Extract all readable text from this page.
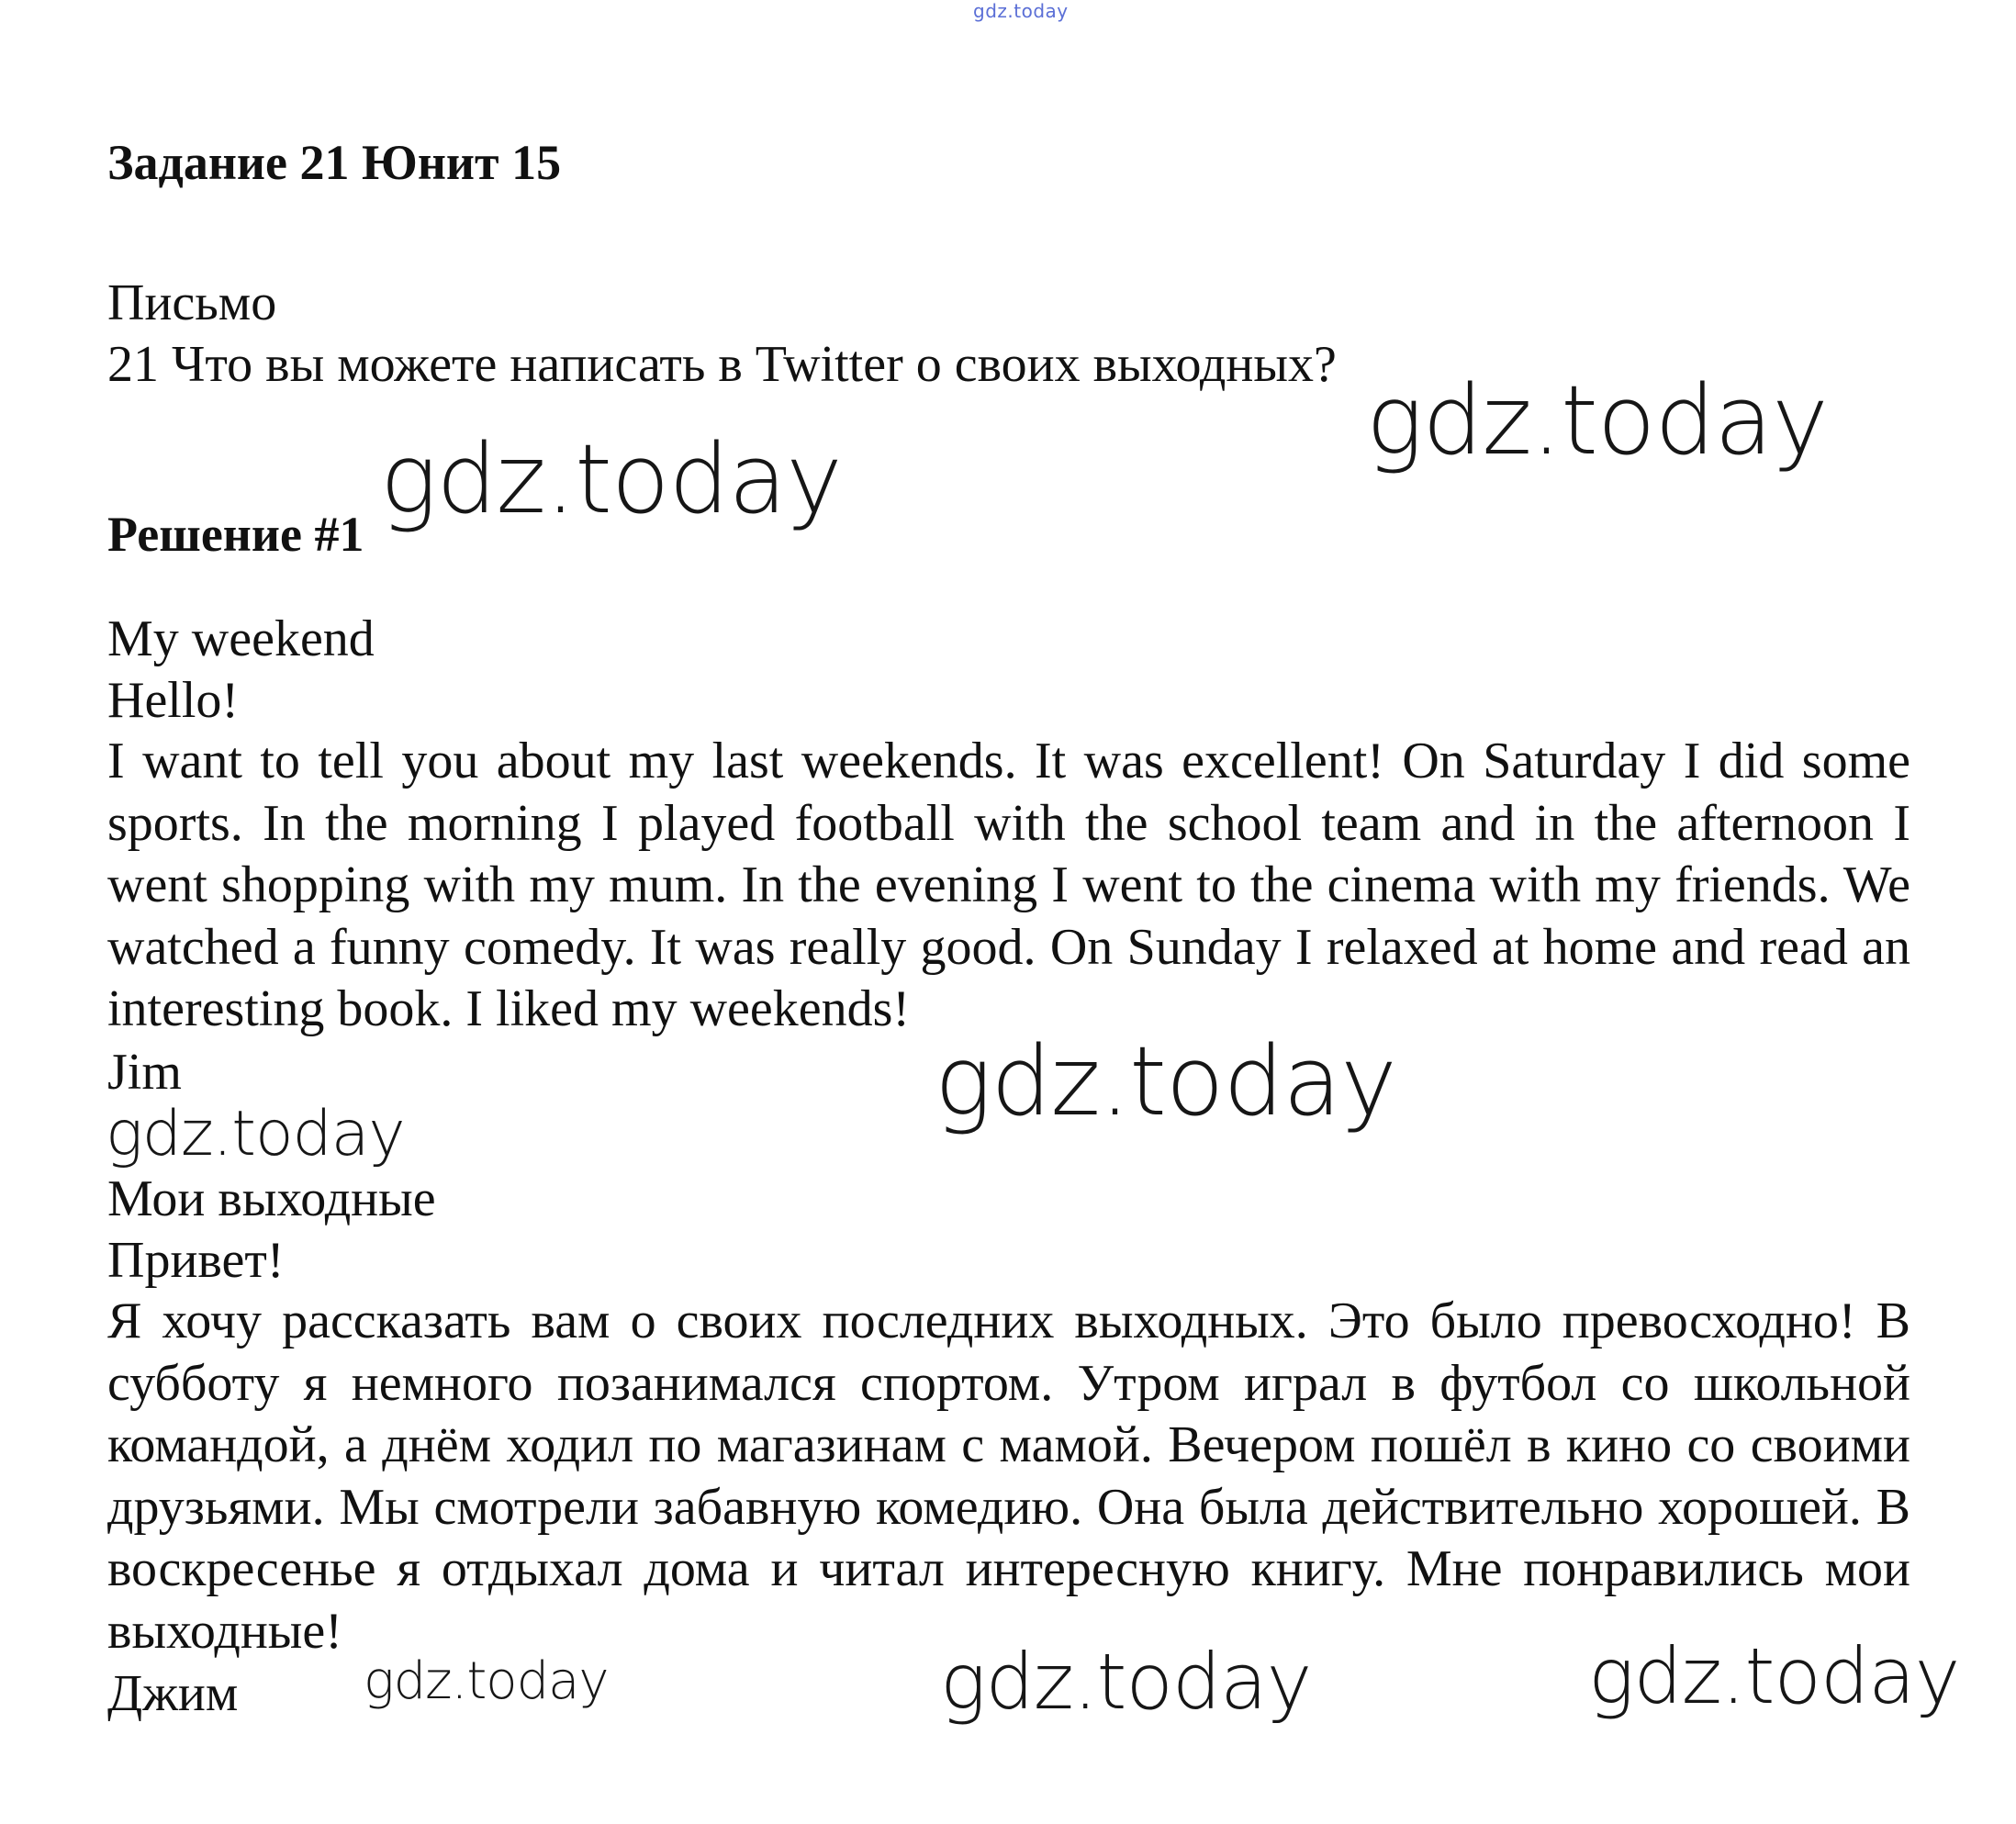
gdz.today
Задание 21 Юнит 15
Письмо
21 Что вы можете написать в Twitter о своих выходных?
Решение #1
My weekend
Hello!

I want to tell you about my last weekends. It was excellent! On Saturday I did some sports. In the morning I played football with the school team and in the afternoon I went shopping with my mum. In the evening I went to the cinema with my friends. We watched a funny comedy. It was really good. On Sunday I relaxed at home and read an interesting book. I liked my weekends!

Jim
Мои выходные
Привет!

Я хочу рассказать вам о своих последних выходных. Это было превосходно! В субботу я немного позанимался спортом. Утром играл в футбол со школьной командой, а днём ходил по магазинам с мамой. Вечером пошёл в кино со своими друзьями. Мы смотрели забавную комедию. Она была действительно хорошей. В воскресенье я отдыхал дома и читал интересную книгу. Мне понравились мои выходные!

Джим
gdz.today
gdz.today
gdz.today
gdz.today
gdz.today	gdz.today	gdz.today
